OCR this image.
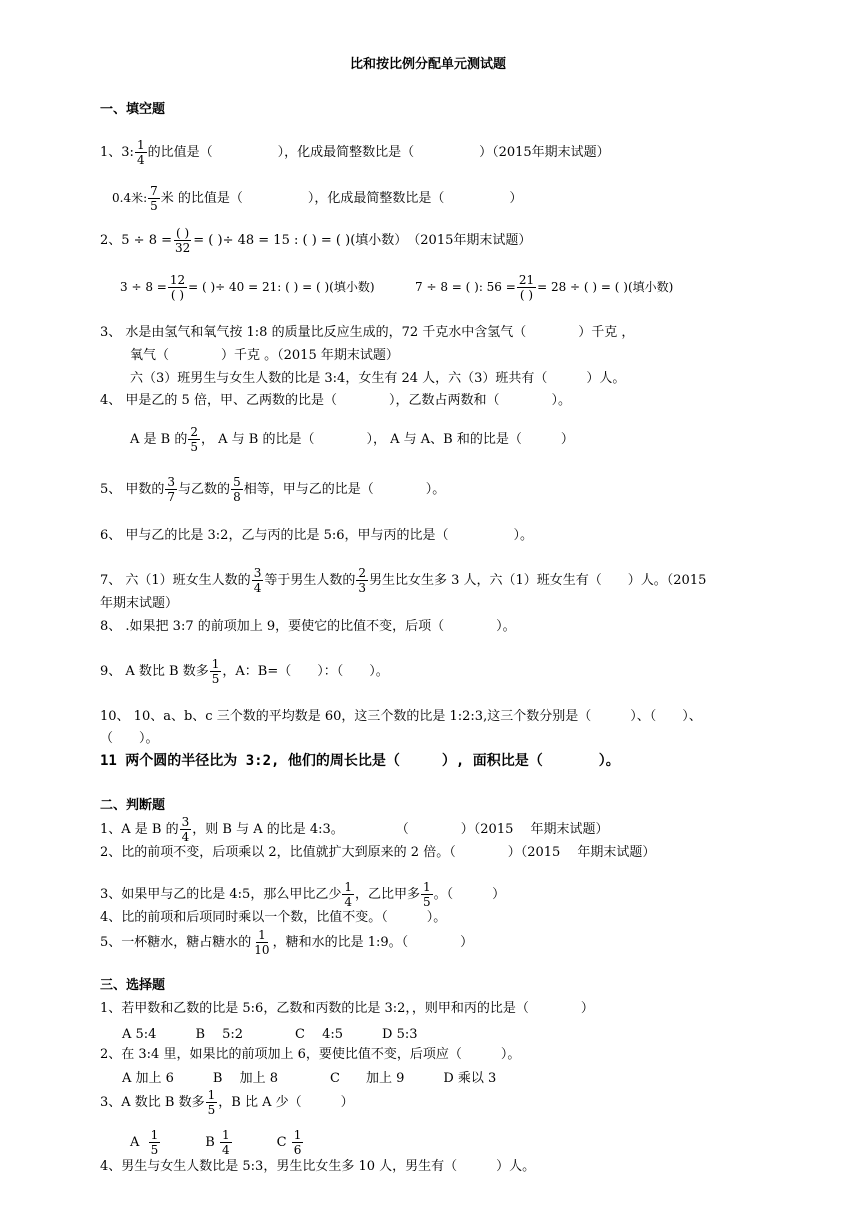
比和按比例分配单元测试题
一、填空题
1、3: $\frac{1}{4}$ 的比值是（　　　　　），化成最简整数比是（　　　　　）（2015年期末试题）
0.4米: $\frac{7}{5}$ 米 的比值是（　　　　　），化成最简整数比是（　　　　　）
2、5 ÷ 8 = ( )
32 = ( )÷ 48 = 15 : ( ) = ( )(填小数）　（2015年期末试题）
3 ÷ 8 = 12
( )
= ( )÷ 40 = 21: ( ) = ( )(填小数)	7 ÷ 8 = ( ): 56 = 21
( )
= 28 ÷ ( ) = ( )(填小数)
3、 水是由氢气和氧气按 1:8 的质量比反应生成的，72 千克水中含氢气（　　　　）千克 ，
氧气（　　　　）千克 。（2015 年期末试题）
六（3）班男生与女生人数的比是 3:4，女生有 24 人，六（3）班共有（　　　）人。
4、 甲是乙的 5 倍，甲、乙两数的比是（　　　　），乙数占两数和（　　　　）。
A 是 B 的 $\frac{2}{5}$ ， A 与 B 的比是（　　　　）， A 与 A、B 和的比是（　　　）
5、 甲数的 $\frac{3}{7}$ 与乙数的 $\frac{5}{8}$ 相等，甲与乙的比是（　　　　）。
6、 甲与乙的比是 3:2，乙与丙的比是 5:6，甲与丙的比是（　　　　　）。
7、 六（1）班女生人数的 $\frac{3}{4}$ 等于男生人数的 $\frac{2}{3}$ 男生比女生多 3 人，六（1）班女生有（　　）人。（2015
年期末试题）
8、 .如果把 3:7 的前项加上 9，要使它的比值不变，后项（　　　　）。
9、 A 数比 B 数多 $\frac{1}{5}$ ，A：B=（　　）：（　　）。
10、 10、a、b、c 三个数的平均数是 60，这三个数的比是 1:2:3,这三个数分别是（　　　）、（　　）、
（　　）。
11 两个圆的半径比为 3:2, 他们的周长比是（　　　）, 面积比是（　　　　）。
二、判断题
1、A 是 B 的 $\frac{3}{4}$ ，则 B 与 A 的比是 4:3。　　　　　（　　　　）（2015　 年期末试题）
2、比的前项不变，后项乘以 2，比值就扩大到原来的 2 倍。（　　　　）（2015　 年期末试题）
3、如果甲与乙的比是 4:5，那么甲比乙少 $\frac{1}{4}$ ，乙比甲多 $\frac{1}{5}$ 。（　　　）
4、比的前项和后项同时乘以一个数，比值不变。（　　　）。
5、一杯糖水，糖占糖水的 $\frac{1}{10}$ ，糖和水的比是 1:9。（　　　　）
三、选择题
1、若甲数和乙数的比是 5:6，乙数和丙数的比是 3:2，，则甲和丙的比是（　　　　）
A 5:4　　　B　 5:2　　　　C　 4:5　　　D 5:3
2、在 3:4 里，如果比的前项加上 6，要使比值不变，后项应（　　　）。
A 加上 6　　　B　 加上 8　　　　C　　加上 9　　　D 乘以 3
3、A 数比 B 数多 $\frac{1}{5}$ ，B 比 A 少（　　　）
A $\frac{1}{5}$	B $\frac{1}{4}$	C $\frac{1}{6}$
4、男生与女生人数比是 5:3，男生比女生多 10 人，男生有（　　　）人。
